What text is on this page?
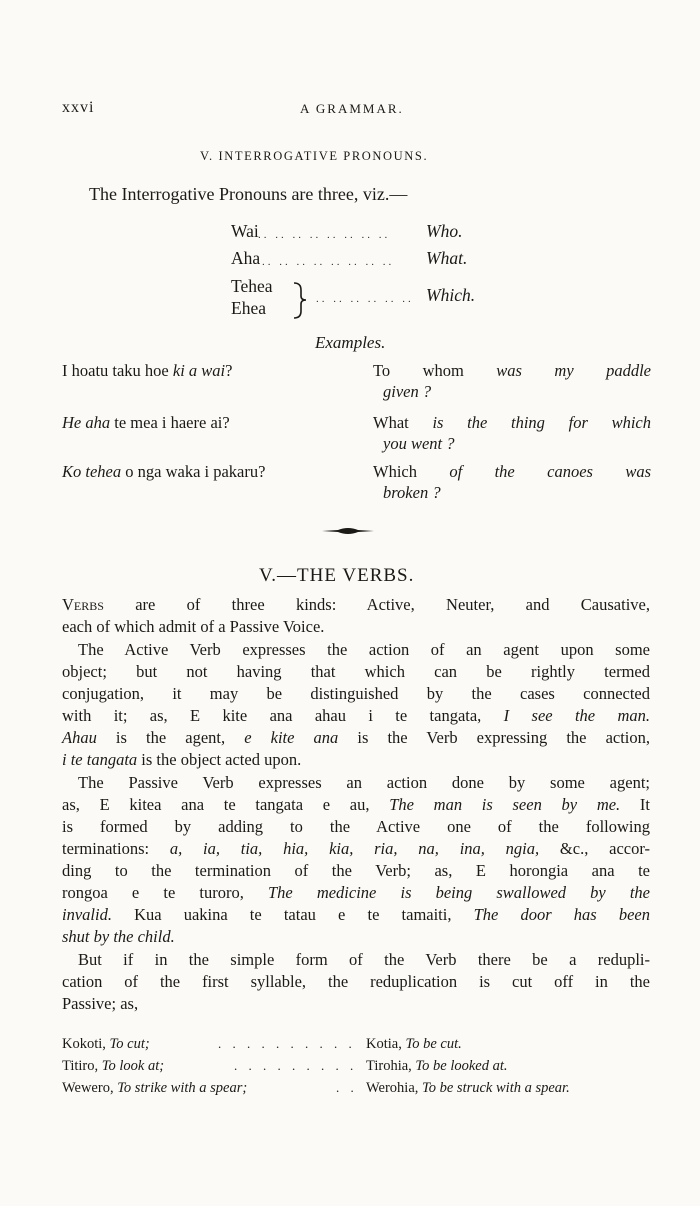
xxvi	A GRAMMAR.
V. INTERROGATIVE PRONOUNS.
The Interrogative Pronouns are three, viz.—
Wai .. .. .. .. .. .. .. .. Who.
Aha .. .. .. .. .. .. .. .. What.
Tehea
Ehea	.. .. .. .. .. .. Which.
Examples.
I hoatu taku hoe ki a wai?	To whom was my paddle
given ?
He aha te mea i haere ai?	What is the thing for which
you went ?
Ko tehea o nga waka i pakaru?	Which of the canoes was
broken ?
V.—THE VERBS.
Verbs are of three kinds: Active, Neuter, and Causative,
each of which admit of a Passive Voice.
The Active Verb expresses the action of an agent upon some
object; but not having that which can be rightly termed
conjugation, it may be distinguished by the cases connected
with it; as, E kite ana ahau i te tangata, I see the man.
Ahau is the agent, e kite ana is the Verb expressing the action,
i te tangata is the object acted upon.
The Passive Verb expresses an action done by some agent;
as, E kitea ana te tangata e au, The man is seen by me. It
is formed by adding to the Active one of the following
terminations: a, ia, tia, hia, kia, ria, na, ina, ngia, &c., accor-
ding to the termination of the Verb; as, E horongia ana te
rongoa e te turoro, The medicine is being swallowed by the
invalid. Kua uakina te tatau e te tamaiti, The door has been
shut by the child.
But if in the simple form of the Verb there be a redupli-
cation of the first syllable, the reduplication is cut off in the
Passive; as,
Kokoti, To cut;	. . . . . . . . . . Kotia, To be cut.
Titiro, To look at;	. . . . . . . . . Tirohia, To be looked at.
Wewero, To strike with a spear;	. . Werohia, To be struck with a spear.
